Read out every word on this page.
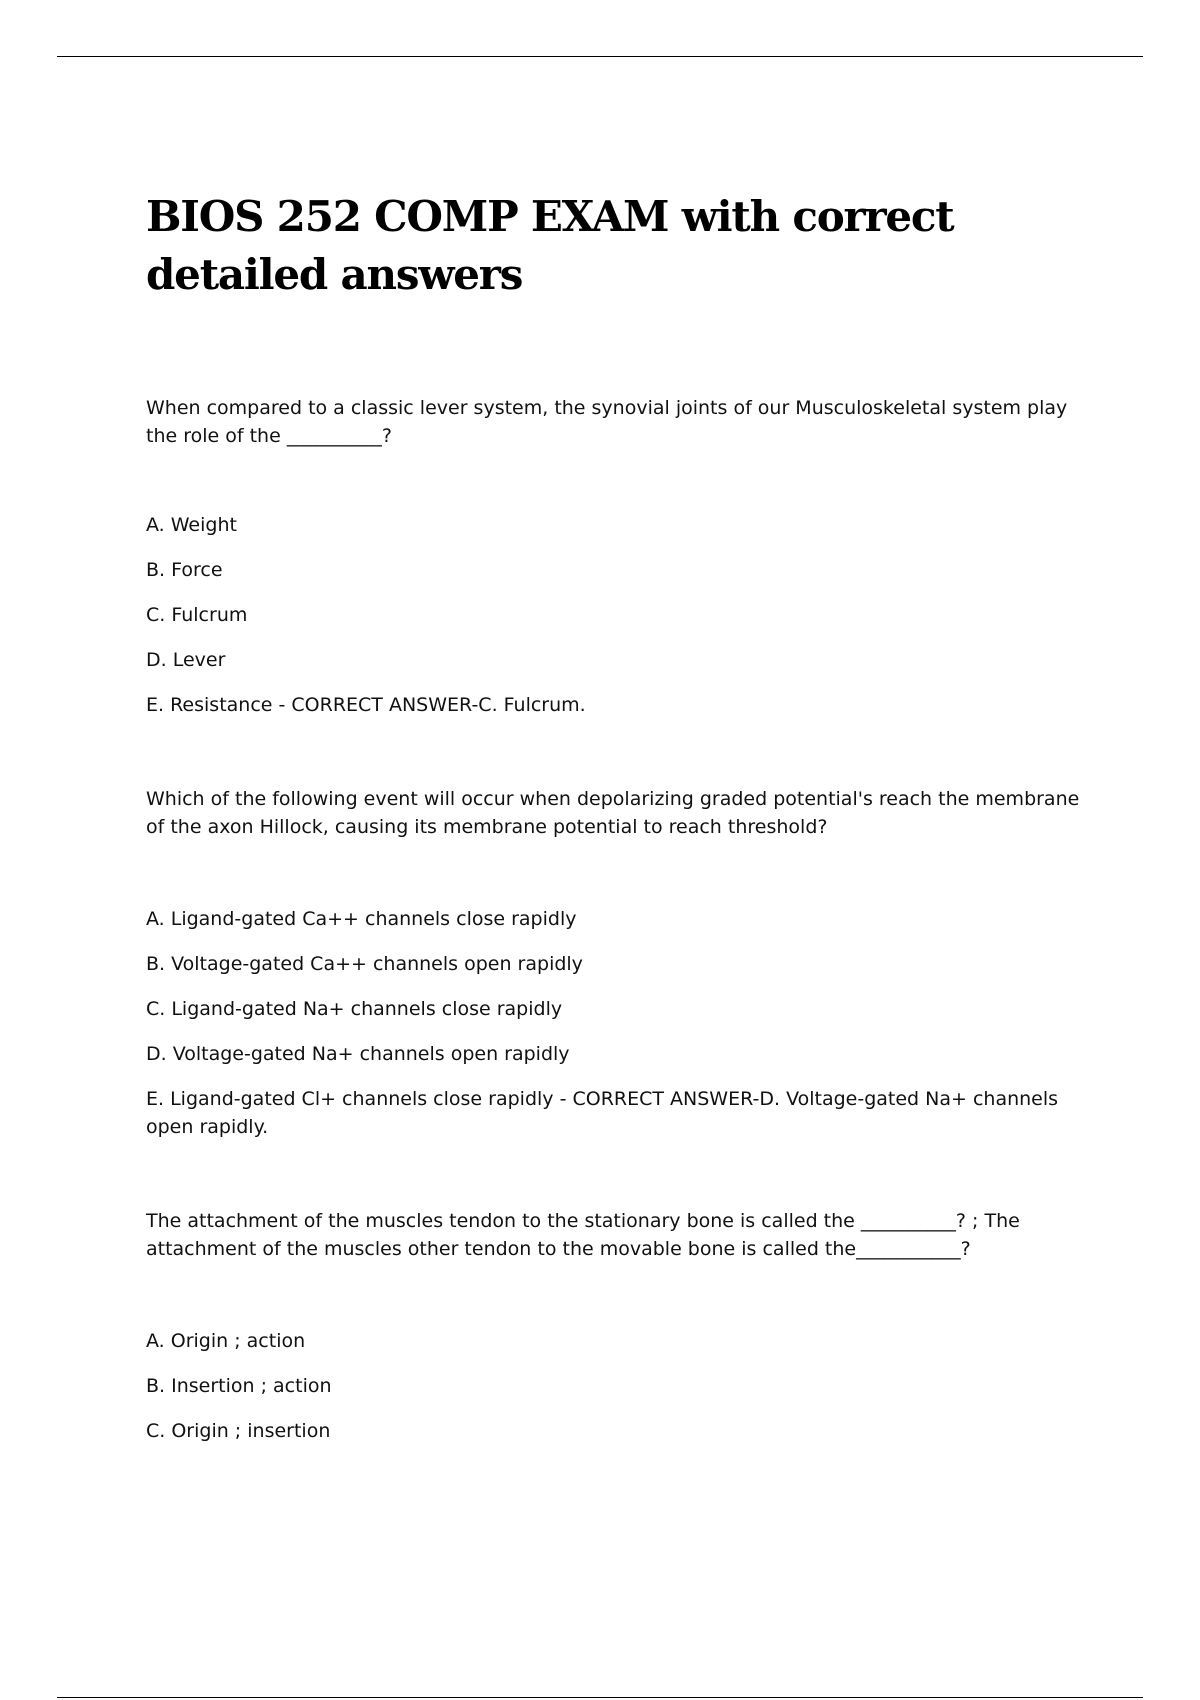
BIOS 252 COMP EXAM with correct detailed answers

When compared to a classic lever system, the synovial joints of our Musculoskeletal system play the role of the __________?

A. Weight
B. Force
C. Fulcrum
D. Lever
E. Resistance - CORRECT ANSWER-C. Fulcrum.

Which of the following event will occur when depolarizing graded potential's reach the membrane of the axon Hillock, causing its membrane potential to reach threshold?

A. Ligand-gated Ca++ channels close rapidly
B. Voltage-gated Ca++ channels open rapidly
C. Ligand-gated Na+ channels close rapidly
D. Voltage-gated Na+ channels open rapidly
E. Ligand-gated Cl+ channels close rapidly - CORRECT ANSWER-D. Voltage-gated Na+ channels open rapidly.

The attachment of the muscles tendon to the stationary bone is called the __________? ; The attachment of the muscles other tendon to the movable bone is called the___________?

A. Origin ; action
B. Insertion ; action
C. Origin ; insertion
